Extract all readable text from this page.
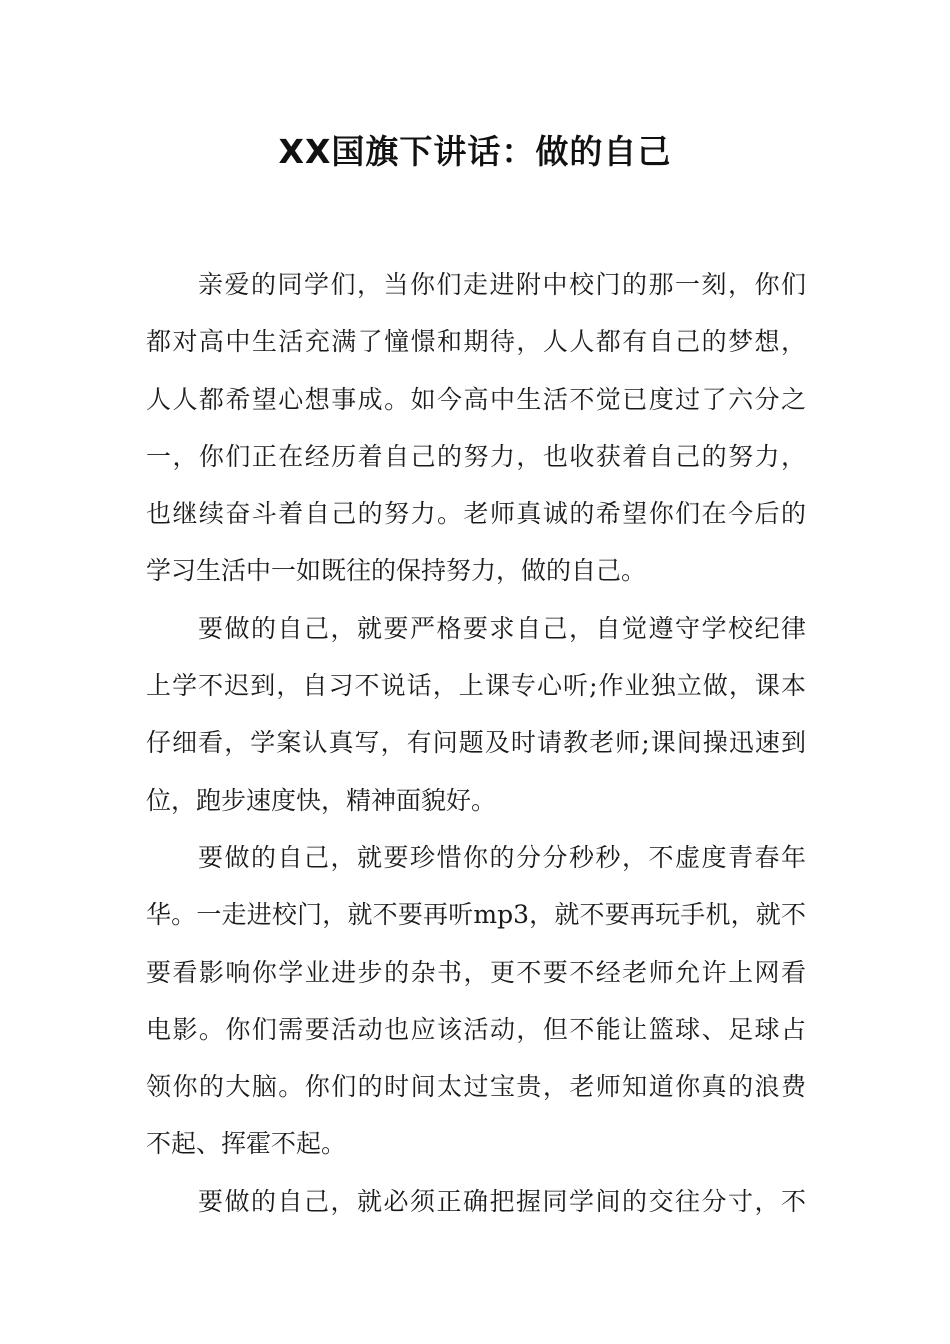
XX国旗下讲话：做的自己
亲爱的同学们，当你们走进附中校门的那一刻，你们
都对高中生活充满了憧憬和期待，人人都有自己的梦想，
人人都希望心想事成。如今高中生活不觉已度过了六分之
一，你们正在经历着自己的努力，也收获着自己的努力，
也继续奋斗着自己的努力。老师真诚的希望你们在今后的
学习生活中一如既往的保持努力，做的自己。
要做的自己，就要严格要求自己，自觉遵守学校纪律
上学不迟到，自习不说话，上课专心听;作业独立做，课本
仔细看，学案认真写，有问题及时请教老师;课间操迅速到
位，跑步速度快，精神面貌好。
要做的自己，就要珍惜你的分分秒秒，不虚度青春年
华。一走进校门，就不要再听mp3，就不要再玩手机，就不
要看影响你学业进步的杂书，更不要不经老师允许上网看
电影。你们需要活动也应该活动，但不能让篮球、足球占
领你的大脑。你们的时间太过宝贵，老师知道你真的浪费
不起、挥霍不起。
要做的自己，就必须正确把握同学间的交往分寸，不
